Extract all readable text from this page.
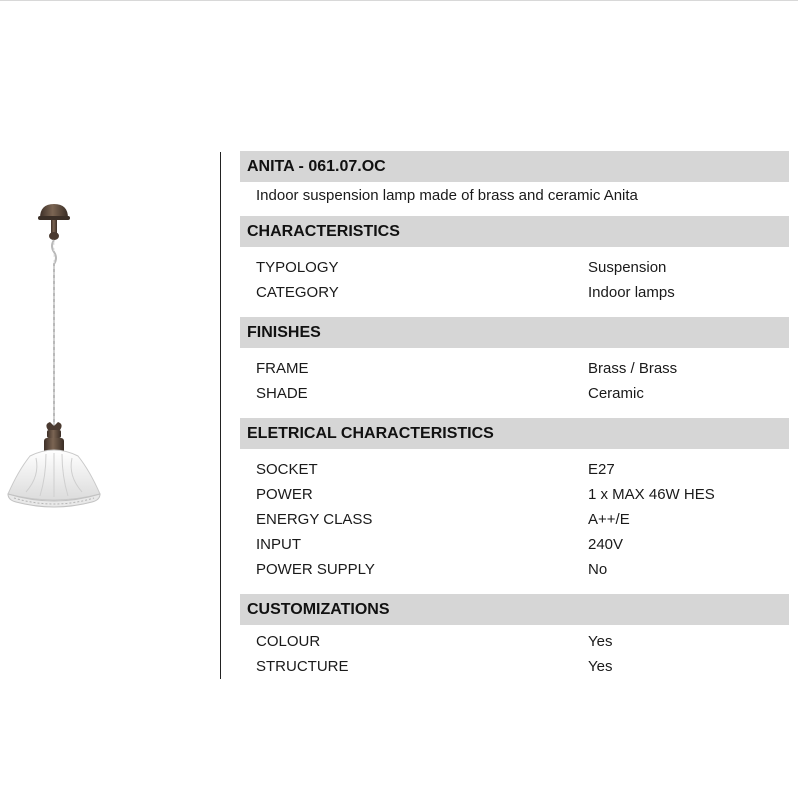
ANITA - 061.07.OC
Indoor suspension lamp made of brass and ceramic Anita
CHARACTERISTICS
TYPOLOGY	Suspension
CATEGORY	Indoor lamps
FINISHES
FRAME	Brass / Brass
SHADE	Ceramic
ELETRICAL CHARACTERISTICS
SOCKET	E27
POWER	1 x MAX 46W HES
ENERGY CLASS	A++/E
INPUT	240V
POWER SUPPLY	No
CUSTOMIZATIONS
COLOUR	Yes
STRUCTURE	Yes
